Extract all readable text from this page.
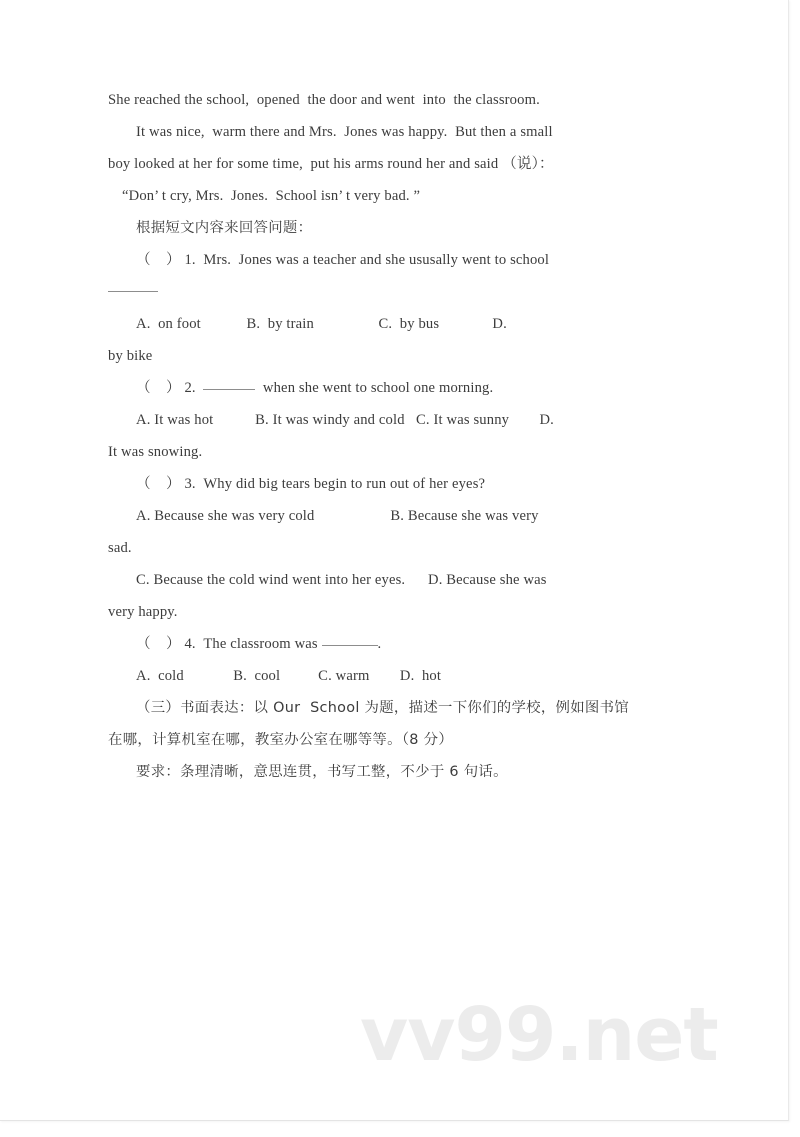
She reached the school,  opened  the door and went  into  the classroom.
It was nice,  warm there and Mrs.  Jones was happy.  But then a small
boy looked at her for some time,  put his arms round her and said （说）：
“Don’ t cry, Mrs.  Jones.  School isn’ t very bad. ”
根据短文内容来回答问题：
（    ） 1.  Mrs.  Jones was a teacher and she ususally went to school
A.  on foot            B.  by train                 C.  by bus              D.
by bike
（    ） 2.	when she went to school one morning.
A. It was hot           B. It was windy and cold   C. It was sunny        D.
It was snowing.
（    ） 3.  Why did big tears begin to run out of her eyes?
A. Because she was very cold                    B. Because she was very
sad.
C. Because the cold wind went into her eyes.      D. Because she was
very happy.
（    ） 4.  The classroom was	.
A.  cold             B.  cool          C. warm        D.  hot
（三）书面表达：以 Our  School 为题，描述一下你们的学校，例如图书馆
在哪，计算机室在哪，教室办公室在哪等等。（8 分）
要求：条理清晰，意思连贯，书写工整，不少于 6 句话。
vv99.net
